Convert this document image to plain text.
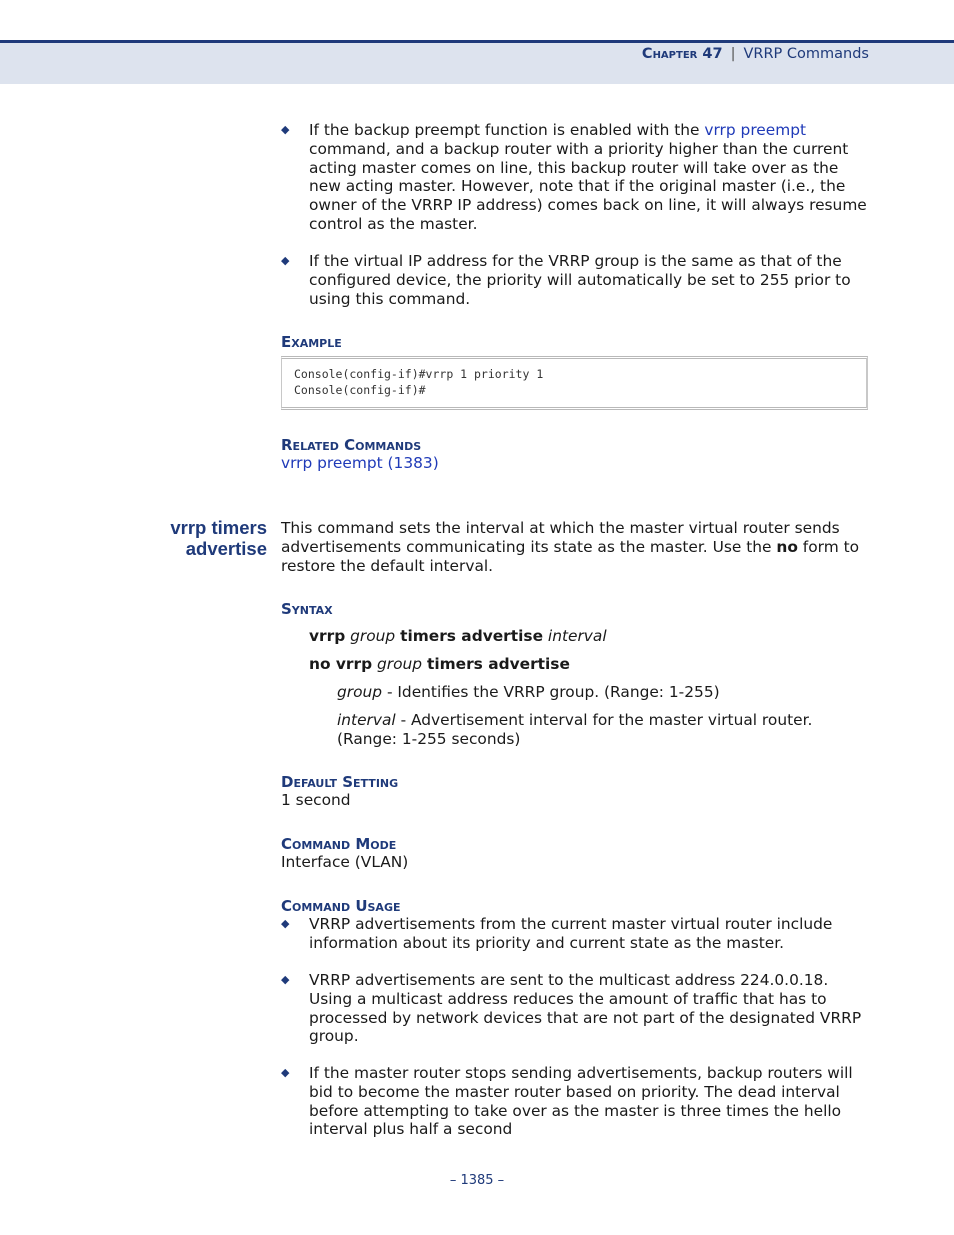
Chapter 47 | VRRP Commands
◆ If the backup preempt function is enabled with the vrrp preempt command, and a backup router with a priority higher than the current acting master comes on line, this backup router will take over as the new acting master. However, note that if the original master (i.e., the owner of the VRRP IP address) comes back on line, it will always resume control as the master.
◆ If the virtual IP address for the VRRP group is the same as that of the configured device, the priority will automatically be set to 255 prior to using this command.
Example
Console(config-if)#vrrp 1 priority 1
Console(config-if)#
Related Commands
vrrp preempt (1383)
vrrp timers
advertise
This command sets the interval at which the master virtual router sends advertisements communicating its state as the master. Use the no form to restore the default interval.
Syntax
vrrp group timers advertise interval
no vrrp group timers advertise
group - Identifies the VRRP group. (Range: 1-255)
interval - Advertisement interval for the master virtual router. (Range: 1-255 seconds)
Default Setting
1 second
Command Mode
Interface (VLAN)
Command Usage
◆ VRRP advertisements from the current master virtual router include information about its priority and current state as the master.
◆ VRRP advertisements are sent to the multicast address 224.0.0.18. Using a multicast address reduces the amount of traffic that has to processed by network devices that are not part of the designated VRRP group.
◆ If the master router stops sending advertisements, backup routers will bid to become the master router based on priority. The dead interval before attempting to take over as the master is three times the hello interval plus half a second
– 1385 –
